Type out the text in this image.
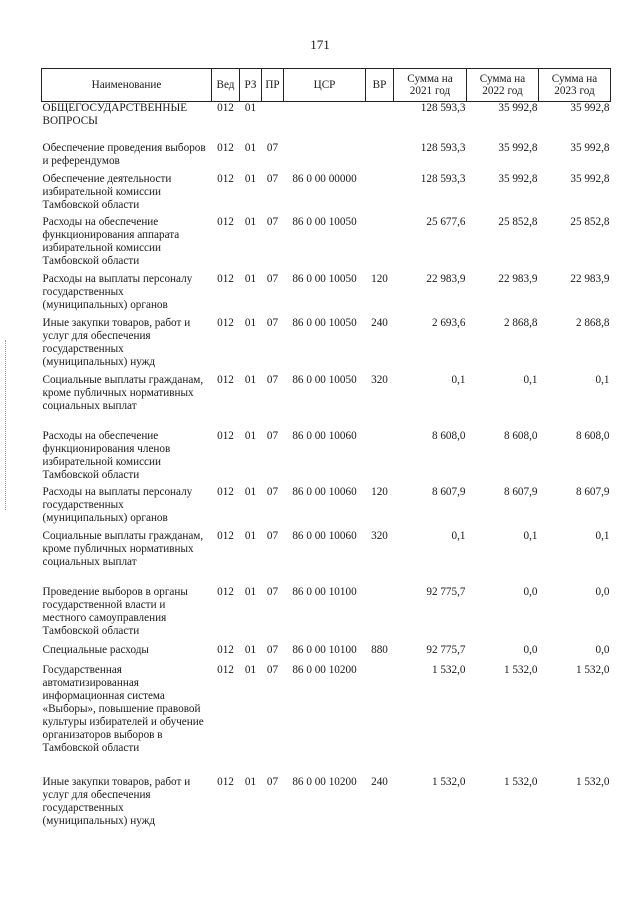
171
Наименование	Вед	РЗ	ПР	ЦСР	ВР	Сумма на 2021 год	Сумма на 2022 год	Сумма на 2023 год
ОБЩЕГОСУДАРСТВЕННЫЕ ВОПРОСЫ	012	01				128 593,3	35 992,8	35 992,8
Обеспечение проведения выборов и референдумов	012	01	07			128 593,3	35 992,8	35 992,8
Обеспечение деятельности избирательной комиссии Тамбовской области	012	01	07	86 0 00 00000		128 593,3	35 992,8	35 992,8
Расходы на обеспечение функционирования аппарата избирательной комиссии Тамбовской области	012	01	07	86 0 00 10050		25 677,6	25 852,8	25 852,8
Расходы на выплаты персоналу государственных (муниципальных) органов	012	01	07	86 0 00 10050	120	22 983,9	22 983,9	22 983,9
Иные закупки товаров, работ и услуг для обеспечения государственных (муниципальных) нужд	012	01	07	86 0 00 10050	240	2 693,6	2 868,8	2 868,8
Социальные выплаты гражданам, кроме публичных нормативных социальных выплат	012	01	07	86 0 00 10050	320	0,1	0,1	0,1
Расходы на обеспечение функционирования членов избирательной комиссии Тамбовской области	012	01	07	86 0 00 10060		8 608,0	8 608,0	8 608,0
Расходы на выплаты персоналу государственных (муниципальных) органов	012	01	07	86 0 00 10060	120	8 607,9	8 607,9	8 607,9
Социальные выплаты гражданам, кроме публичных нормативных социальных выплат	012	01	07	86 0 00 10060	320	0,1	0,1	0,1
Проведение выборов в органы государственной власти и местного самоуправления Тамбовской области	012	01	07	86 0 00 10100		92 775,7	0,0	0,0
Специальные расходы	012	01	07	86 0 00 10100	880	92 775,7	0,0	0,0
Государственная автоматизированная информационная система «Выборы», повышение правовой культуры избирателей и обучение организаторов выборов в Тамбовской области	012	01	07	86 0 00 10200		1 532,0	1 532,0	1 532,0
Иные закупки товаров, работ и услуг для обеспечения государственных (муниципальных) нужд	012	01	07	86 0 00 10200	240	1 532,0	1 532,0	1 532,0
